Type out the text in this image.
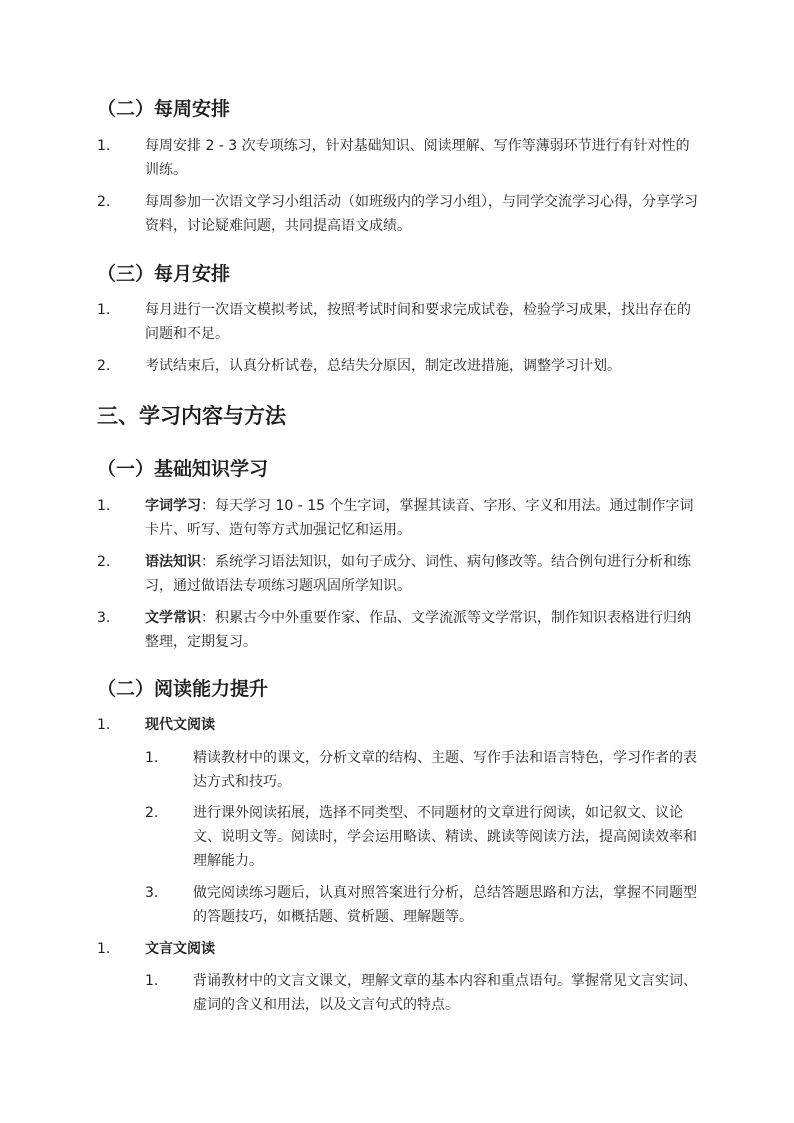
（二）每周安排
1.	每周安排 2 - 3 次专项练习，针对基础知识、阅读理解、写作等薄弱环节进行有针对性的训练。
2.	每周参加一次语文学习小组活动（如班级内的学习小组），与同学交流学习心得，分享学习资料，讨论疑难问题，共同提高语文成绩。
（三）每月安排
1.	每月进行一次语文模拟考试，按照考试时间和要求完成试卷，检验学习成果，找出存在的问题和不足。
2.	考试结束后，认真分析试卷，总结失分原因，制定改进措施，调整学习计划。
三、学习内容与方法
（一）基础知识学习
1.	字词学习：每天学习 10 - 15 个生字词，掌握其读音、字形、字义和用法。通过制作字词卡片、听写、造句等方式加强记忆和运用。
2.	语法知识：系统学习语法知识，如句子成分、词性、病句修改等。结合例句进行分析和练习，通过做语法专项练习题巩固所学知识。
3.	文学常识：积累古今中外重要作家、作品、文学流派等文学常识，制作知识表格进行归纳整理，定期复习。
（二）阅读能力提升
1.	现代文阅读
1.	精读教材中的课文，分析文章的结构、主题、写作手法和语言特色，学习作者的表达方式和技巧。
2.	进行课外阅读拓展，选择不同类型、不同题材的文章进行阅读，如记叙文、议论文、说明文等。阅读时，学会运用略读、精读、跳读等阅读方法，提高阅读效率和理解能力。
3.	做完阅读练习题后，认真对照答案进行分析，总结答题思路和方法，掌握不同题型的答题技巧，如概括题、赏析题、理解题等。
1.	文言文阅读
1.	背诵教材中的文言文课文，理解文章的基本内容和重点语句。掌握常见文言实词、虚词的含义和用法，以及文言句式的特点。
